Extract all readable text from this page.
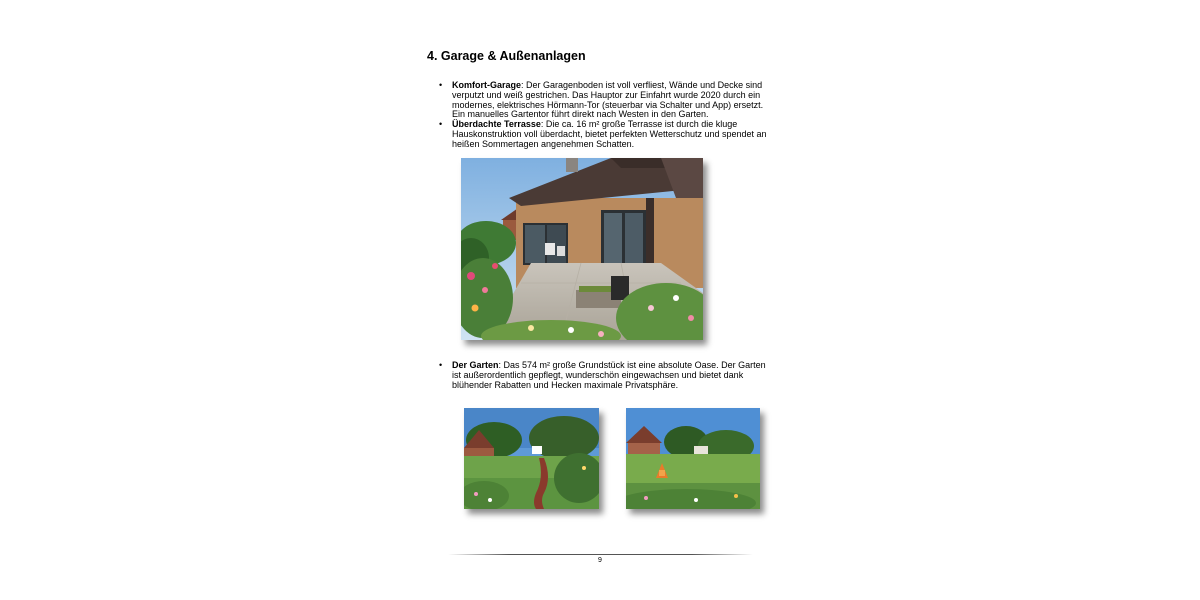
4. Garage & Außenanlagen
• Komfort-Garage: Der Garagenboden ist voll verfliest, Wände und Decke sind verputzt und weiß gestrichen. Das Hauptor zur Einfahrt wurde 2020 durch ein modernes, elektrisches Hörmann-Tor (steuerbar via Schalter und App) ersetzt. Ein manuelles Gartentor führt direkt nach Westen in den Garten.
• Überdachte Terrasse: Die ca. 16 m² große Terrasse ist durch die kluge Hauskonstruktion voll überdacht, bietet perfekten Wetterschutz und spendet an heißen Sommertagen angenehmen Schatten.
• Der Garten: Das 574 m² große Grundstück ist eine absolute Oase. Der Garten ist außerordentlich gepflegt, wunderschön eingewachsen und bietet dank blühender Rabatten und Hecken maximale Privatsphäre.
9
